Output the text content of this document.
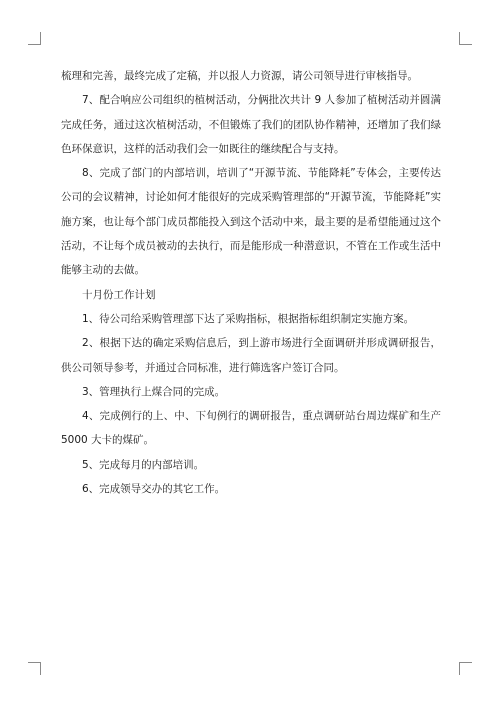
梳理和完善，最终完成了定稿，并以报人力资源，请公司领导进行审核指导。

7、配合响应公司组织的植树活动，分俩批次共计 9 人参加了植树活动并圆满完成任务，通过这次植树活动，不但锻炼了我们的团队协作精神，还增加了我们绿色环保意识，这样的活动我们会一如既往的继续配合与支持。

8、完成了部门的内部培训，培训了“开源节流、节能降耗”专体会，主要传达公司的会议精神，讨论如何才能很好的完成采购管理部的“开源节流，节能降耗”实施方案，也让每个部门成员都能投入到这个活动中来，最主要的是希望能通过这个活动，不让每个成员被动的去执行，而是能形成一种潜意识，不管在工作或生活中能够主动的去做。

十月份工作计划

1、待公司给采购管理部下达了采购指标，根据指标组织制定实施方案。

2、根据下达的确定采购信息后，到上游市场进行全面调研并形成调研报告，供公司领导参考，并通过合同标准，进行筛选客户签订合同。

3、管理执行上煤合同的完成。

4、完成例行的上、中、下旬例行的调研报告，重点调研站台周边煤矿和生产 5000 大卡的煤矿。

5、完成每月的内部培训。

6、完成领导交办的其它工作。
